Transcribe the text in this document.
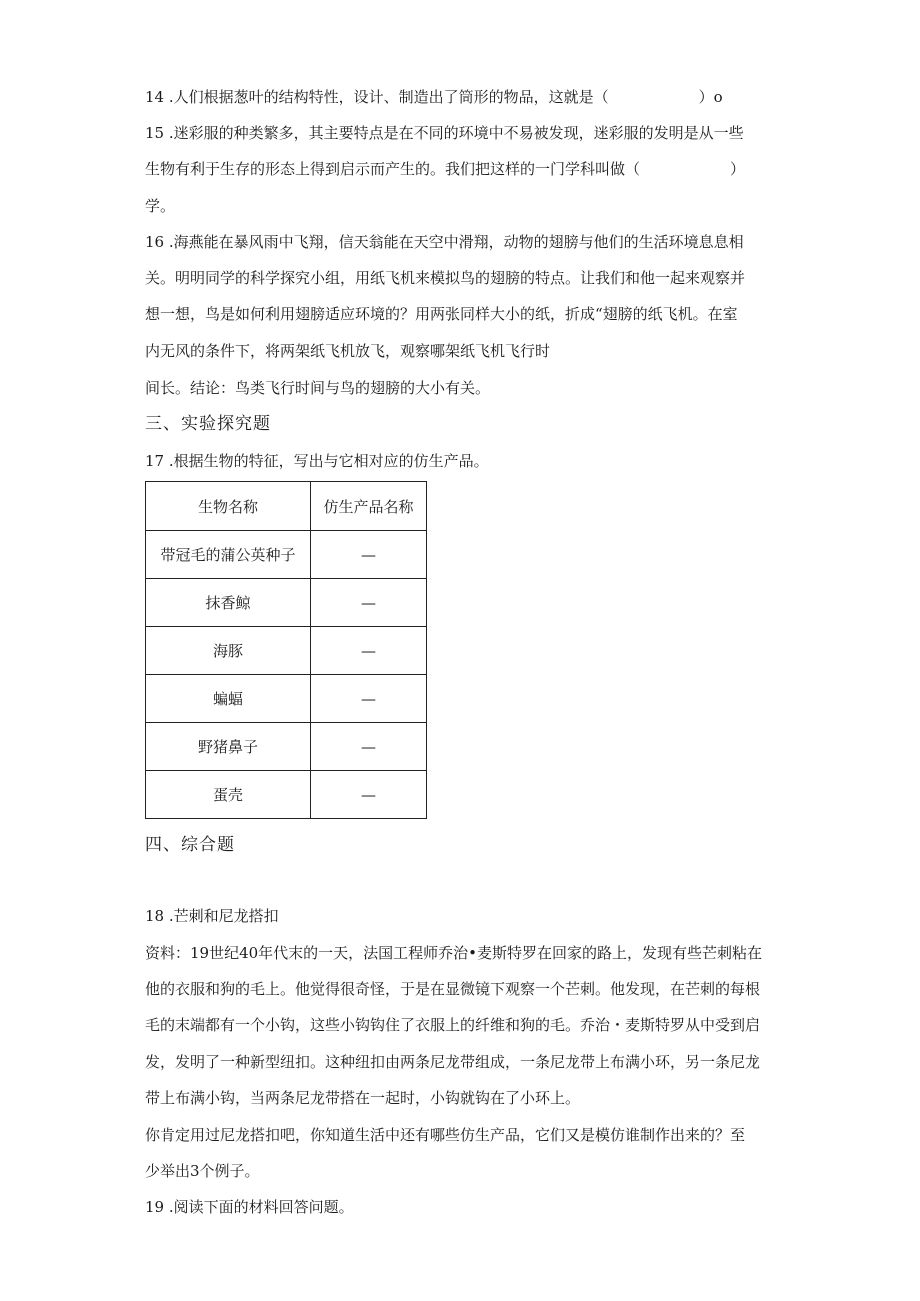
14 .人们根据葱叶的结构特性，设计、制造出了筒形的物品，这就是（　　　　　　）o
15 .迷彩服的种类繁多，其主要特点是在不同的环境中不易被发现，迷彩服的发明是从一些
生物有利于生存的形态上得到启示而产生的。我们把这样的一门学科叫做（　　　　　　）
学。
16 .海燕能在暴风雨中飞翔，信天翁能在天空中滑翔，动物的翅膀与他们的生活环境息息相
关。明明同学的科学探究小组，用纸飞机来模拟鸟的翅膀的特点。让我们和他一起来观察并
想一想，鸟是如何利用翅膀适应环境的？用两张同样大小的纸，折成“翅膀的纸飞机。在室
内无风的条件下，将两架纸飞机放飞，观察哪架纸飞机飞行时
间长。结论：鸟类飞行时间与鸟的翅膀的大小有关。
三、实验探究题
17 .根据生物的特征，写出与它相对应的仿生产品。
生物名称	仿生产品名称
带冠毛的蒲公英种子	—
抹香鲸	—
海豚	—
蝙蝠	—
野猪鼻子	—
蛋壳	—
四、综合题
18 .芒刺和尼龙搭扣
资料：19世纪40年代末的一天，法国工程师乔治•麦斯特罗在回家的路上，发现有些芒刺粘在
他的衣服和狗的毛上。他觉得很奇怪，于是在显微镜下观察一个芒刺。他发现，在芒刺的每根
毛的末端都有一个小钩，这些小钩钩住了衣服上的纤维和狗的毛。乔治・麦斯特罗从中受到启
发，发明了一种新型纽扣。这种纽扣由两条尼龙带组成，一条尼龙带上布满小环，另一条尼龙
带上布满小钩，当两条尼龙带搭在一起时，小钩就钩在了小环上。
你肯定用过尼龙搭扣吧，你知道生活中还有哪些仿生产品，它们又是模仿谁制作出来的？至
少举出3个例子。
19 .阅读下面的材料回答问题。
